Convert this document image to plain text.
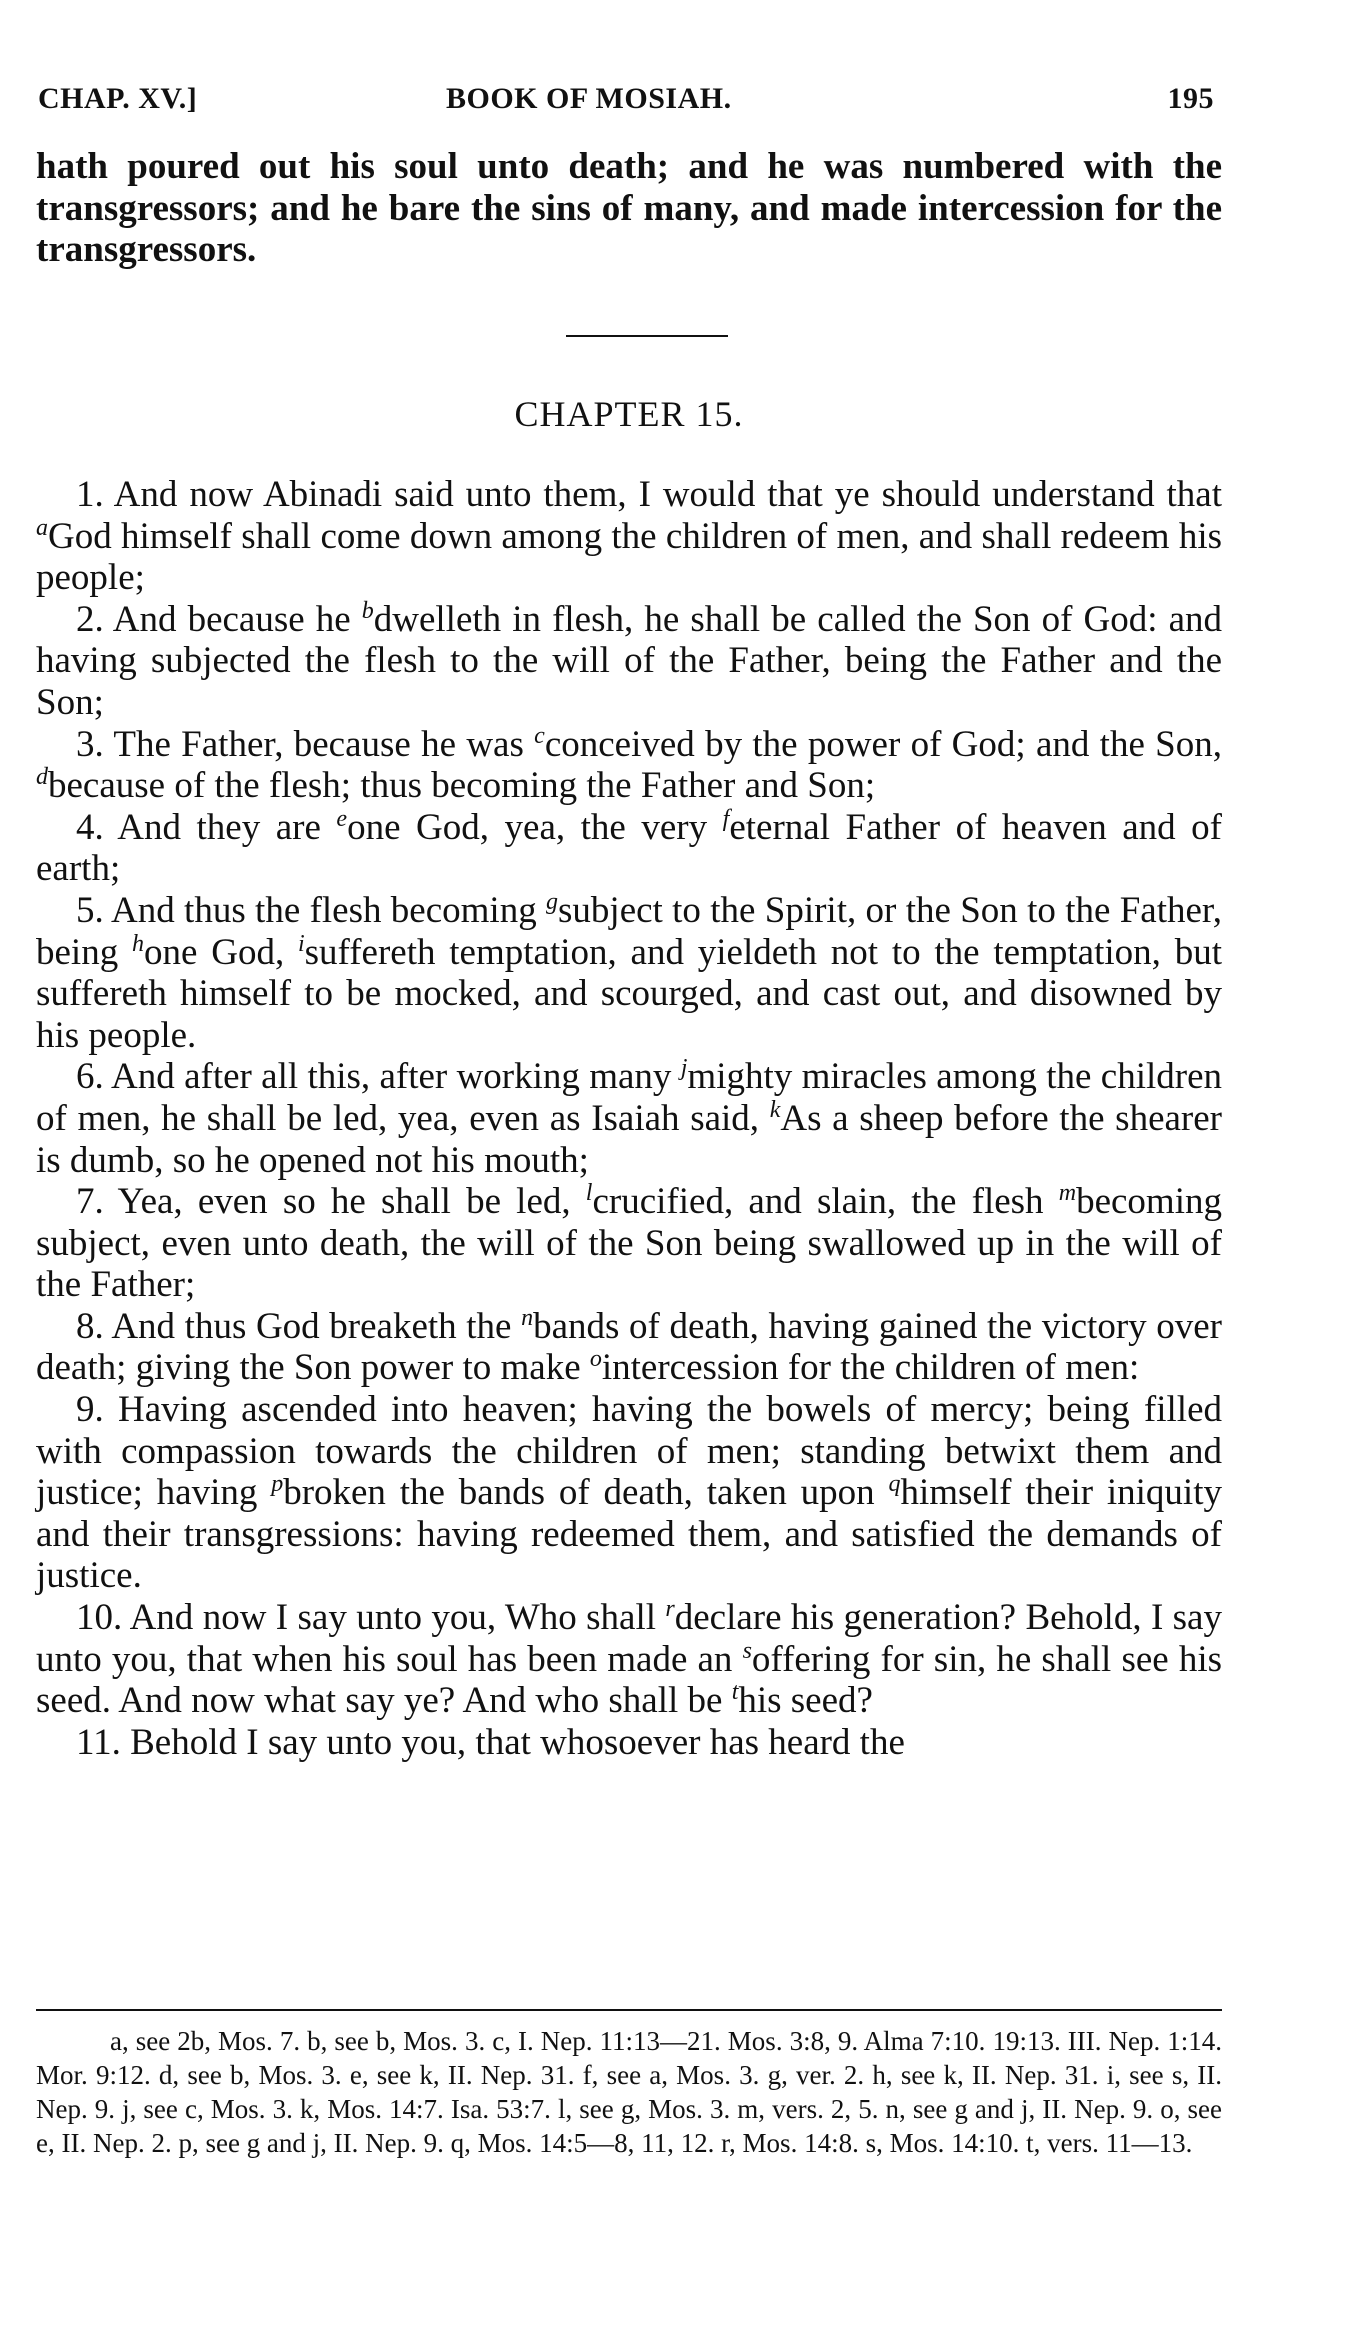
CHAP. XV.]	BOOK OF MOSIAH.	195

hath poured out his soul unto death; and he was numbered with the transgressors; and he bare the sins of many, and made intercession for the transgressors.

CHAPTER 15.

1. And now Abinadi said unto them, I would that ye should understand that $^a$God himself shall come down among the children of men, and shall redeem his people;

2. And because he $^b$dwelleth in flesh, he shall be called the Son of God: and having subjected the flesh to the will of the Father, being the Father and the Son;

3. The Father, because he was $^c$conceived by the power of God; and the Son, $^d$because of the flesh; thus becoming the Father and Son;

4. And they are $^e$one God, yea, the very $^f$eternal Father of heaven and of earth;

5. And thus the flesh becoming $^g$subject to the Spirit, or the Son to the Father, being $^h$one God, $^i$suffereth temptation, and yieldeth not to the temptation, but suffereth himself to be mocked, and scourged, and cast out, and disowned by his people.

6. And after all this, after working many $^j$mighty miracles among the children of men, he shall be led, yea, even as Isaiah said, $^k$As a sheep before the shearer is dumb, so he opened not his mouth;

7. Yea, even so he shall be led, $^l$crucified, and slain, the flesh $^m$becoming subject, even unto death, the will of the Son being swallowed up in the will of the Father;

8. And thus God breaketh the $^n$bands of death, having gained the victory over death; giving the Son power to make $^o$intercession for the children of men:

9. Having ascended into heaven; having the bowels of mercy; being filled with compassion towards the children of men; standing betwixt them and justice; having $^p$broken the bands of death, taken upon $^q$himself their iniquity and their transgressions: having redeemed them, and satisfied the demands of justice.

10. And now I say unto you, Who shall $^r$declare his generation? Behold, I say unto you, that when his soul has been made an $^s$offering for sin, he shall see his seed. And now what say ye? And who shall be $^t$his seed?

11. Behold I say unto you, that whosoever has heard the

a, see 2b, Mos. 7. b, see b, Mos. 3. c, I. Nep. 11:13—21. Mos. 3:8, 9. Alma 7:10. 19:13. III. Nep. 1:14. Mor. 9:12. d, see b, Mos. 3. e, see k, II. Nep. 31. f, see a, Mos. 3. g, ver. 2. h, see k, II. Nep. 31. i, see s, II. Nep. 9. j, see c, Mos. 3. k, Mos. 14:7. Isa. 53:7. l, see g, Mos. 3. m, vers. 2, 5. n, see g and j, II. Nep. 9. o, see e, II. Nep. 2. p, see g and j, II. Nep. 9. q, Mos. 14:5—8, 11, 12. r, Mos. 14:8. s, Mos. 14:10. t, vers. 11—13.
